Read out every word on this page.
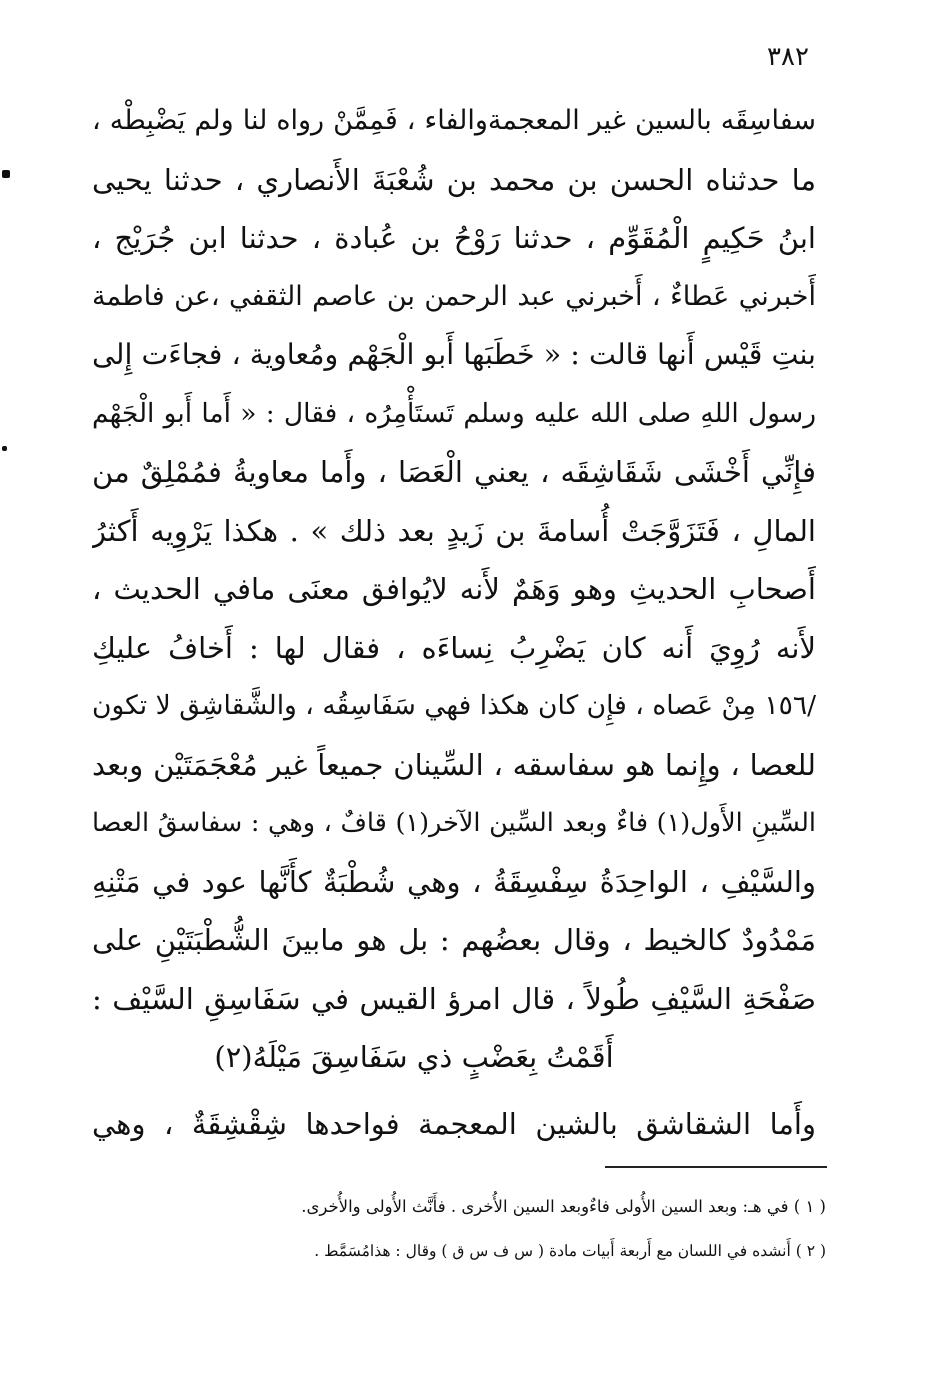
٣٨٢
سفاسِقَه بالسين غير المعجمةوالفاء ، فَمِمَّنْ رواه لنا ولم يَضْبِطْه ،
ما حدثناه الحسن بن محمد بن شُعْبَةَ الأَنصاري ، حدثنا يحيى
ابنُ حَكِيمٍ الْمُقَوِّم ، حدثنا رَوْحُ بن عُبادة ، حدثنا ابن جُرَيْج ،
أَخبرني عَطاءٌ ، أَخبرني عبد الرحمن بن عاصم الثقفي ،عن فاطمة
بنتِ قَيْس أَنها قالت : « خَطَبَها أَبو الْجَهْم ومُعاوية ، فجاءَت إِلى
رسول اللهِ صلى الله عليه وسلم تَستَأْمِرُه ، فقال : « أَما أَبو الْجَهْم
فإِنِّي أَخْشَى شَقَاشِقَه ، يعني الْعَصَا ، وأَما معاويةُ فمُمْلِقٌ من
المالِ ، فَتَزَوَّجَتْ أُسامةَ بن زَيدٍ بعد ذلك » . هكذا يَرْوِيه أَكثرُ
أَصحابِ الحديثِ وهو وَهَمٌ لأَنه لايُوافق معنَى مافي الحديث ،
لأَنه رُوِيَ أَنه كان يَضْرِبُ نِساءَه ، فقال لها : أَخافُ عليكِ
/١٥٦ مِنْ عَصاه ، فإِن كان هكذا فهي سَفَاسِقُه ، والشَّقاشِق لا تكون
للعصا ، وإِنما هو سفاسقه ، السِّينان جميعاً غير مُعْجَمَتَيْن وبعد
السِّينِ الأَول(١) فاءٌ وبعد السِّين الآخر(١) قافٌ ، وهي : سفاسقُ العصا
والسَّيْفِ ، الواحِدَةُ سِفْسِقَةُ ، وهي شُطْبَةٌ كأَنَّها عود في مَتْنِهِ
مَمْدُودٌ كالخيط ، وقال بعضُهم : بل هو مابينَ الشُّطْبَتَيْنِ على
صَفْحَةِ السَّيْفِ طُولاً ، قال امرؤ القيس في سَفَاسِقِ السَّيْف :
أَقَمْتُ بِعَضْبٍ ذي سَفَاسِقَ مَيْلَهُ(٢)
وأَما الشقاشق بالشين المعجمة فواحدها شِقْشِقَةٌ ، وهي
( ١ ) في هـ: وبعد السين الأُولى فاءٌوبعد السين الأُخرى . فأَنَّث الأُولى والأُخرى.
( ٢ ) أَنشده في اللسان مع أَربعة أَبيات مادة ( س ف س ق ) وقال : هذامُسَمَّط .
